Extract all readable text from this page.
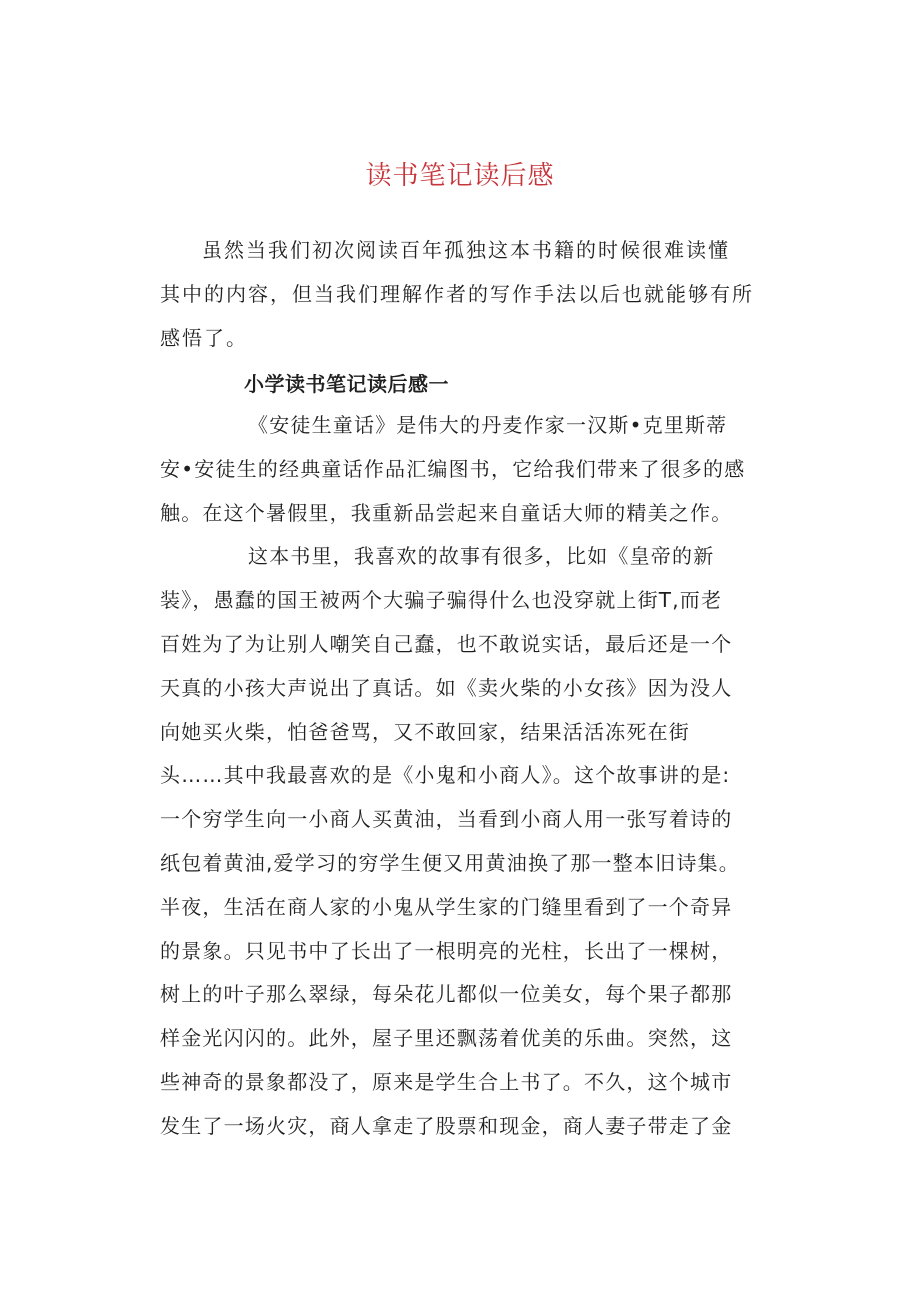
读书笔记读后感
虽然当我们初次阅读百年孤独这本书籍的时候很难读懂
其中的内容，但当我们理解作者的写作手法以后也就能够有所
感悟了。
小学读书笔记读后感一
《安徒生童话》是伟大的丹麦作家一汉斯•克里斯蒂
安•安徒生的经典童话作品汇编图书，它给我们带来了很多的感
触。在这个暑假里，我重新品尝起来自童话大师的精美之作。
这本书里，我喜欢的故事有很多，比如《皇帝的新
装》，愚蠢的国王被两个大骗子骗得什么也没穿就上街T,而老
百姓为了为让别人嘲笑自己蠢，也不敢说实话，最后还是一个
天真的小孩大声说出了真话。如《卖火柴的小女孩》因为没人
向她买火柴，怕爸爸骂，又不敢回家，结果活活冻死在街
头……其中我最喜欢的是《小鬼和小商人》。这个故事讲的是:
一个穷学生向一小商人买黄油，当看到小商人用一张写着诗的
纸包着黄油,爱学习的穷学生便又用黄油换了那一整本旧诗集。
半夜，生活在商人家的小鬼从学生家的门缝里看到了一个奇异
的景象。只见书中了长出了一根明亮的光柱，长出了一棵树，
树上的叶子那么翠绿，每朵花儿都似一位美女，每个果子都那
样金光闪闪的。此外，屋子里还飘荡着优美的乐曲。突然，这
些神奇的景象都没了，原来是学生合上书了。不久，这个城市
发生了一场火灾，商人拿走了股票和现金，商人妻子带走了金
